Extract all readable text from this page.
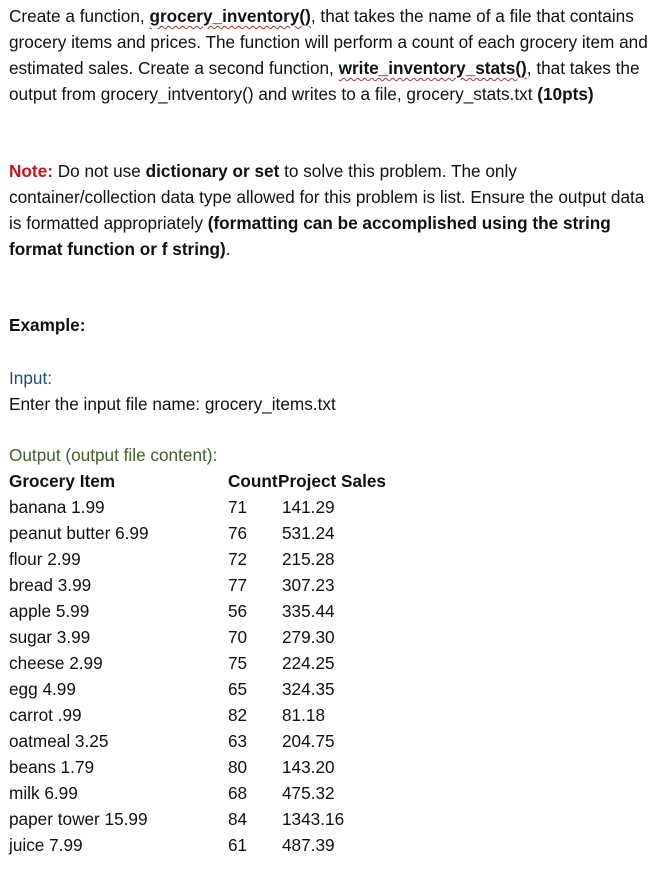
Create a function, grocery_inventory(), that takes the name of a file that contains grocery items and prices. The function will perform a count of each grocery item and estimated sales. Create a second function, write_inventory_stats(), that takes the output from grocery_intventory() and writes to a file, grocery_stats.txt (10pts)

Note: Do not use dictionary or set to solve this problem. The only container/collection data type allowed for this problem is list. Ensure the output data is formatted appropriately (formatting can be accomplished using the string format function or f string).

Example:
Input:
Enter the input file name: grocery_items.txt
Output (output file content):
Grocery Item	Count Project Sales
banana 1.99	71 141.29
peanut butter 6.99	76 531.24
flour 2.99	72 215.28
bread 3.99	77 307.23
apple 5.99	56 335.44
sugar 3.99	70 279.30
cheese 2.99	75 224.25
egg 4.99	65 324.35
carrot .99	82 81.18
oatmeal 3.25	63 204.75
beans 1.79	80 143.20
milk 6.99	68 475.32
paper tower 15.99	84 1343.16
juice 7.99	61 487.39
